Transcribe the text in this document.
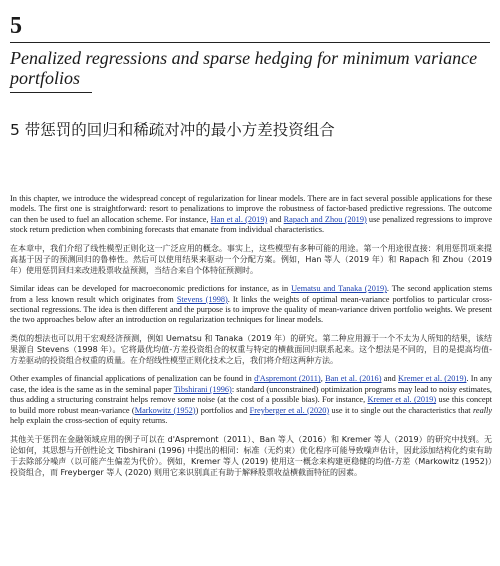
5
Penalized regressions and sparse hedging for minimum variance portfolios
5 带惩罚的回归和稀疏对冲的最小方差投资组合

In this chapter, we introduce the widespread concept of regularization for linear models. There are in fact several possible applications for these models. The first one is straightforward: resort to penalizations to improve the robustness of factor-based predictive regressions. The outcome can then be used to fuel an allocation scheme. For instance, Han et al. (2019) and Rapach and Zhou (2019) use penalized regressions to improve stock return prediction when combining forecasts that emanate from individual characteristics.

在本章中，我们介绍了线性模型正则化这一广泛应用的概念。事实上，这些模型有多种可能的用途。第一个用途很直接：利用惩罚项来提高基于因子的预测回归的鲁棒性。然后可以使用结果来驱动一个分配方案。例如，Han 等人（2019 年）和 Rapach 和 Zhou（2019 年）使用惩罚回归来改进股票收益预测，当结合来自个体特征预测时。

Similar ideas can be developed for macroeconomic predictions for instance, as in Uematsu and Tanaka (2019). The second application stems from a less known result which originates from Stevens (1998). It links the weights of optimal mean-variance portfolios to particular cross-sectional regressions. The idea is then different and the purpose is to improve the quality of mean-variance driven portfolio weights. We present the two approaches below after an introduction on regularization techniques for linear models.

类似的想法也可以用于宏观经济预测，例如 Uematsu 和 Tanaka（2019 年）的研究。第二种应用源于一个不太为人所知的结果，该结果源自 Stevens（1998 年）。它将最优均值-方差投资组合的权重与特定的横截面回归联系起来。这个想法是不同的，目的是提高均值-方差驱动的投资组合权重的质量。在介绍线性模型正则化技术之后，我们将介绍这两种方法。

Other examples of financial applications of penalization can be found in d'Aspremont (2011), Ban et al. (2016) and Kremer et al. (2019). In any case, the idea is the same as in the seminal paper Tibshirani (1996): standard (unconstrained) optimization programs may lead to noisy estimates, thus adding a structuring constraint helps remove some noise (at the cost of a possible bias). For instance, Kremer et al. (2019) use this concept to build more robust mean-variance (Markowitz (1952)) portfolios and Freyberger et al. (2020) use it to single out the characteristics that really help explain the cross-section of equity returns.

其他关于惩罚在金融领域应用的例子可以在 d'Aspremont（2011）、Ban 等人（2016）和 Kremer 等人（2019）的研究中找到。无论如何，其思想与开创性论文 Tibshirani (1996) 中提出的相同：标准（无约束）优化程序可能导致噪声估计，因此添加结构化约束有助于去除部分噪声（以可能产生偏差为代价）。例如，Kremer 等人 (2019) 使用这一概念来构建更稳健的均值-方差（Markowitz (1952)）投资组合，而 Freyberger 等人 (2020) 则用它来识别真正有助于解释股票收益横截面特征的因素。
